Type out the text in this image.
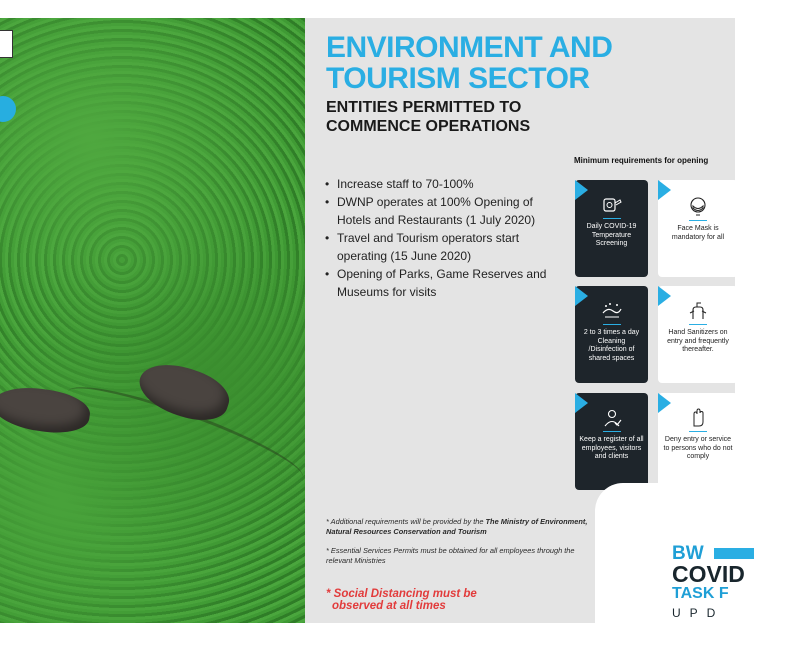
ENVIRONMENT AND TOURISM SECTOR
ENTITIES PERMITTED TO COMMENCE OPERATIONS
• Increase staff to 70-100%
• DWNP operates at 100% Opening of Hotels and Restaurants (1 July 2020)
• Travel and Tourism operators start operating (15 June 2020)
• Opening of Parks, Game Reserves and Museums for visits

Minimum requirements for opening

Daily COVID-19 Temperature Screening
Face Mask is mandatory for all
2 to 3 times a day Cleaning /Disinfection of shared spaces
Hand Sanitizers on entry and frequently thereafter.
Keep a register of all employees, visitors and clients
Deny entry or service to persons who do not comply

* Additional requirements will be provided by the The Ministry of Environment, Natural Resources Conservation and Tourism

* Essential Services Permits must be obtained for all employees through the relevant Ministries

* Social Distancing must be
observed at all times
BW
COVID
TASK F
UPD
